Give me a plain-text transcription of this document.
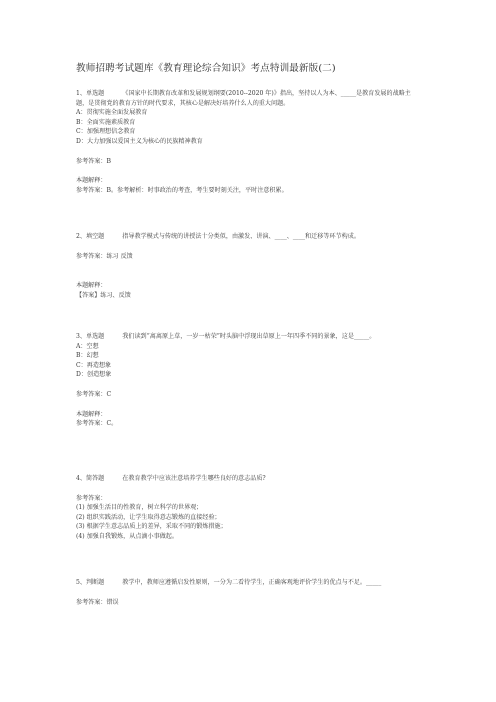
教师招聘考试题库《教育理论综合知识》考点特训最新版(二)

1、单选题	《国家中长期教育改革和发展规划纲要(2010--2020 年)》指出，坚持以人为本、_____是教育发展的战略主题，是贯彻党的教育方针的时代要求，其核心是解决好培养什么人的重大问题。

A：贯彻实施全面发展教育

B：全面实施素质教育

C：加强理想信念教育

D：大力加强以爱国主义为核心的民族精神教育

参考答案：B

本题解释：

参考答案：B。参考解析：时事政治的考查，考生要时刻关注，平时注意积累。

2、填空题	指导教学模式与传统的讲授法十分类似，由激发、讲演、____、____和迁移等环节构成。

参考答案：练习 反馈

本题解释：

【答案】练习、反馈

3、单选题	我们读到“离离原上草，一岁一枯荣”时头脑中浮现出草原上一年四季不同的景象，这是_____。

A：空想

B：幻想

C：再造想象

D：创造想象

参考答案：C

本题解释：

参考答案：C。

4、简答题	在教育教学中应该注意培养学生哪些良好的意志品质?

参考答案：

(1) 加强生活目的性教育，树立科学的世界观；

(2) 组织实践活动，让学生取得意志锻炼的直接经验；

(3) 根据学生意志品质上的差异，采取不同的锻炼措施；

(4) 加强自我锻炼，从点滴小事做起。

5、判断题	教学中，教师应遵循启发性原则，一分为二看待学生，正确客观地评价学生的优点与不足。_____

参考答案：错误
